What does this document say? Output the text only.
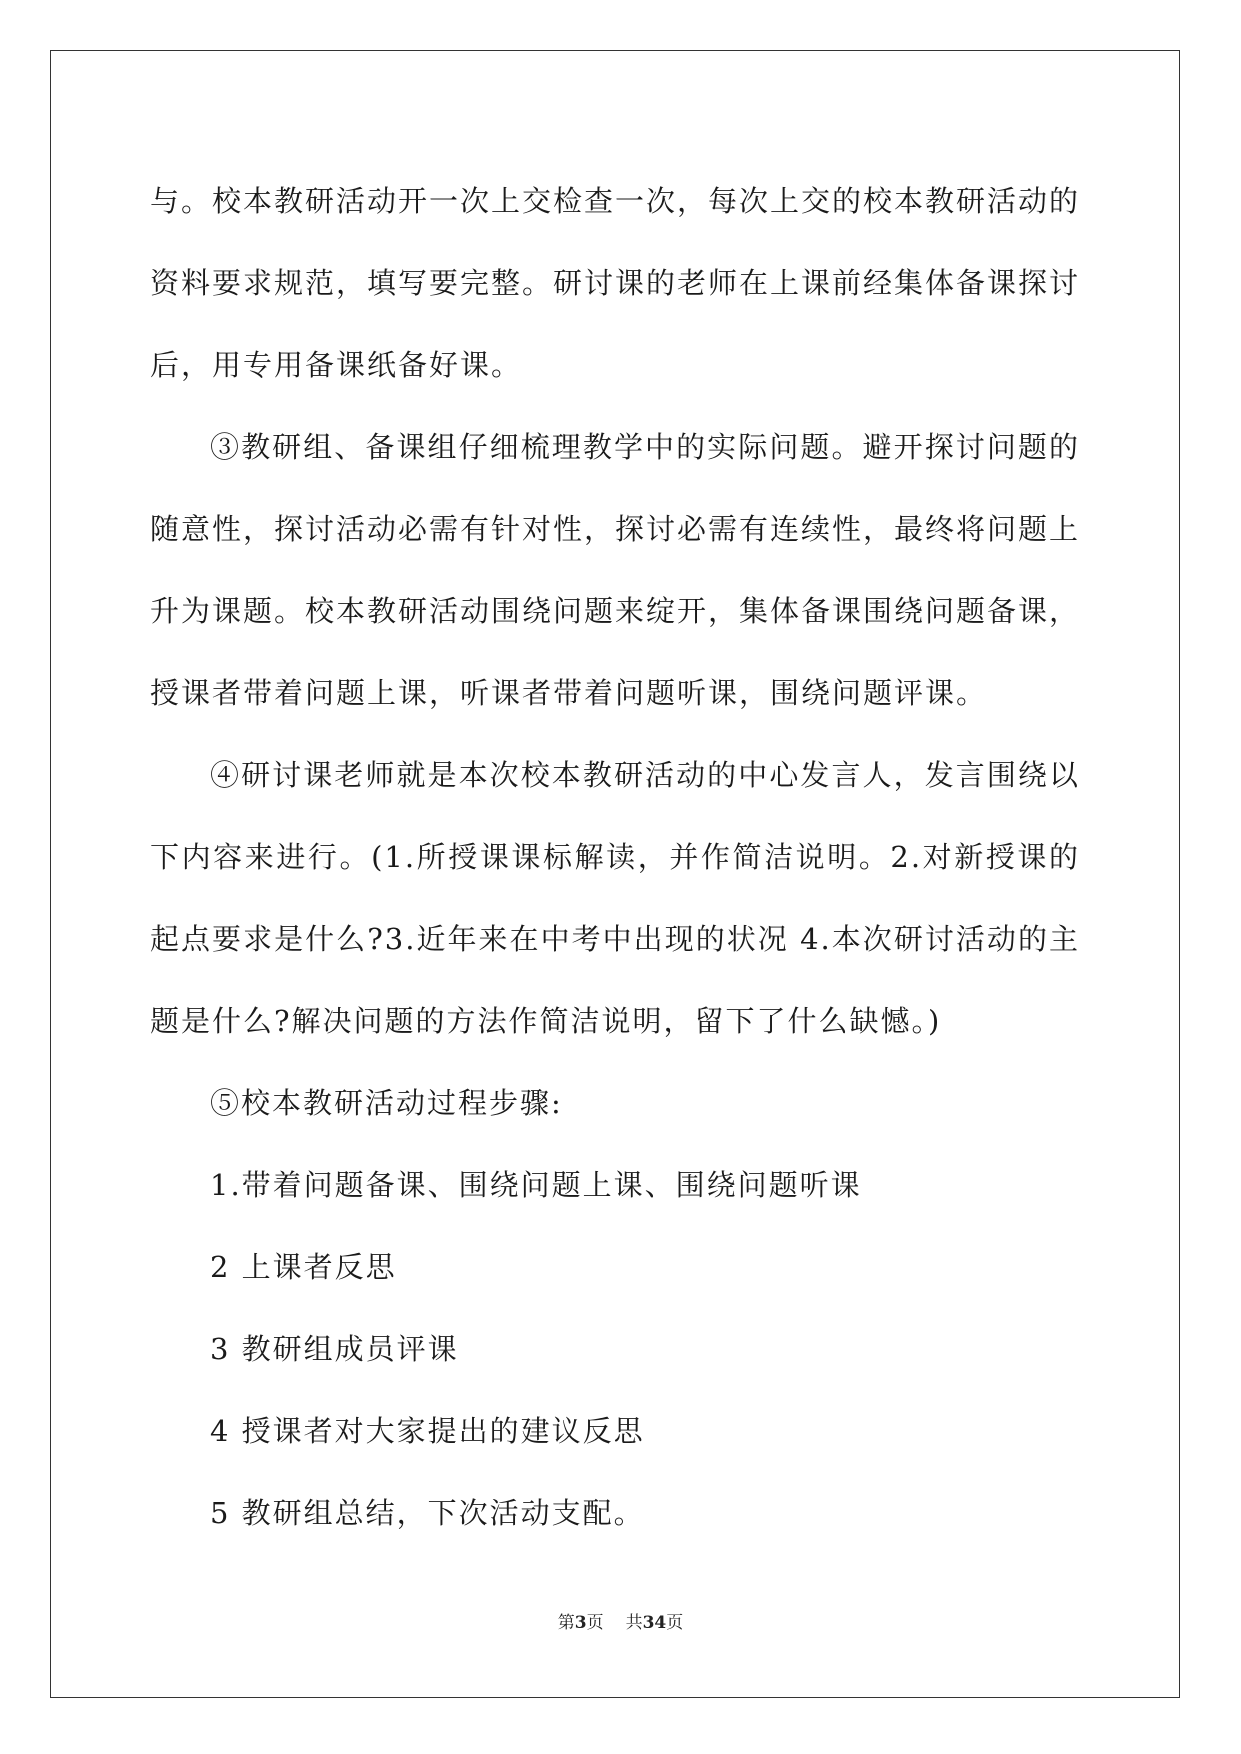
与。校本教研活动开一次上交检查一次，每次上交的校本教研活动的资料要求规范，填写要完整。研讨课的老师在上课前经集体备课探讨后，用专用备课纸备好课。

③教研组、备课组仔细梳理教学中的实际问题。避开探讨问题的随意性，探讨活动必需有针对性，探讨必需有连续性，最终将问题上升为课题。校本教研活动围绕问题来绽开，集体备课围绕问题备课，授课者带着问题上课，听课者带着问题听课，围绕问题评课。

④研讨课老师就是本次校本教研活动的中心发言人，发言围绕以下内容来进行。(1.所授课课标解读，并作简洁说明。2.对新授课的起点要求是什么?3.近年来在中考中出现的状况 4.本次研讨活动的主题是什么?解决问题的方法作简洁说明，留下了什么缺憾。)

⑤校本教研活动过程步骤:

1.带着问题备课、围绕问题上课、围绕问题听课

2 上课者反思

3 教研组成员评课

4 授课者对大家提出的建议反思

5 教研组总结，下次活动支配。

第3页 共34页
